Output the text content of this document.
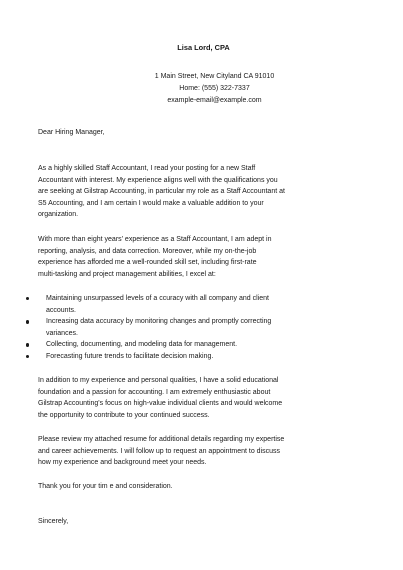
Lisa Lord, CPA
1 Main Street, New Cityland CA 91010
Home: (555) 322-7337
example-email@example.com
Dear Hiring Manager,
As a highly skilled Staff Accountant, I read your posting for a new Staff
Accountant with interest. My experience aligns well with the qualifications you
are seeking at Gilstrap Accounting, in particular my role as a Staff Accountant at
S5 Accounting, and I am certain I would make a valuable addition to your
organization.
With more than eight years' experience as a Staff Accountant, I am adept in
reporting, analysis, and data correction. Moreover, while my on-the-job
experience has afforded me a well-rounded skill set, including first-rate
multi-tasking and project management abilities, I excel at:
Maintaining unsurpassed levels of a ccuracy with all company and client
accounts.
Increasing data accuracy by monitoring changes and promptly correcting
variances.
Collecting, documenting, and modeling data for management.
Forecasting future trends to facilitate decision making.
In addition to my experience and personal qualities, I have a solid educational
foundation and a passion for accounting. I am extremely enthusiastic about
Gilstrap Accounting's focus on high-value individual clients and would welcome
the opportunity to contribute to your continued success.
Please review my attached resume for additional details regarding my expertise
and career achievements. I will follow up to request an appointment to discuss
how my experience and background meet your needs.
Thank you for your tim e and consideration.
Sincerely,
